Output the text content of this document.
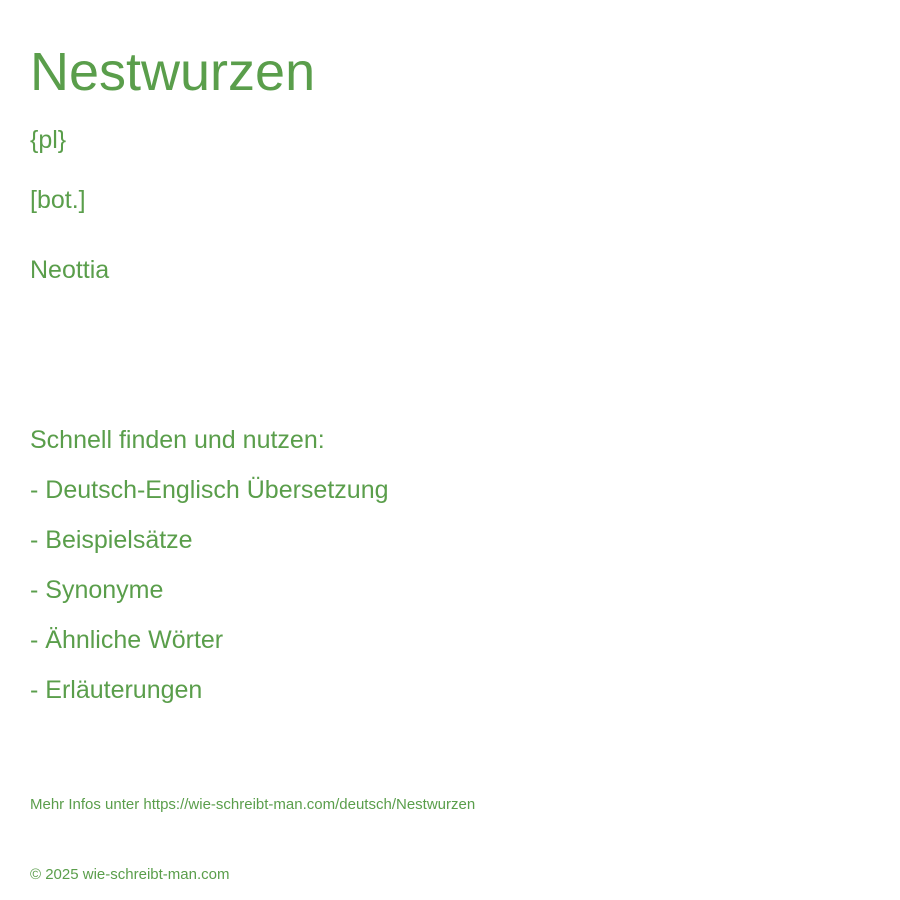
Nestwurzen
{pl}
[bot.]
Neottia
Schnell finden und nutzen:
- Deutsch-Englisch Übersetzung
- Beispielsätze
- Synonyme
- Ähnliche Wörter
- Erläuterungen
Mehr Infos unter https://wie-schreibt-man.com/deutsch/Nestwurzen
© 2025 wie-schreibt-man.com
